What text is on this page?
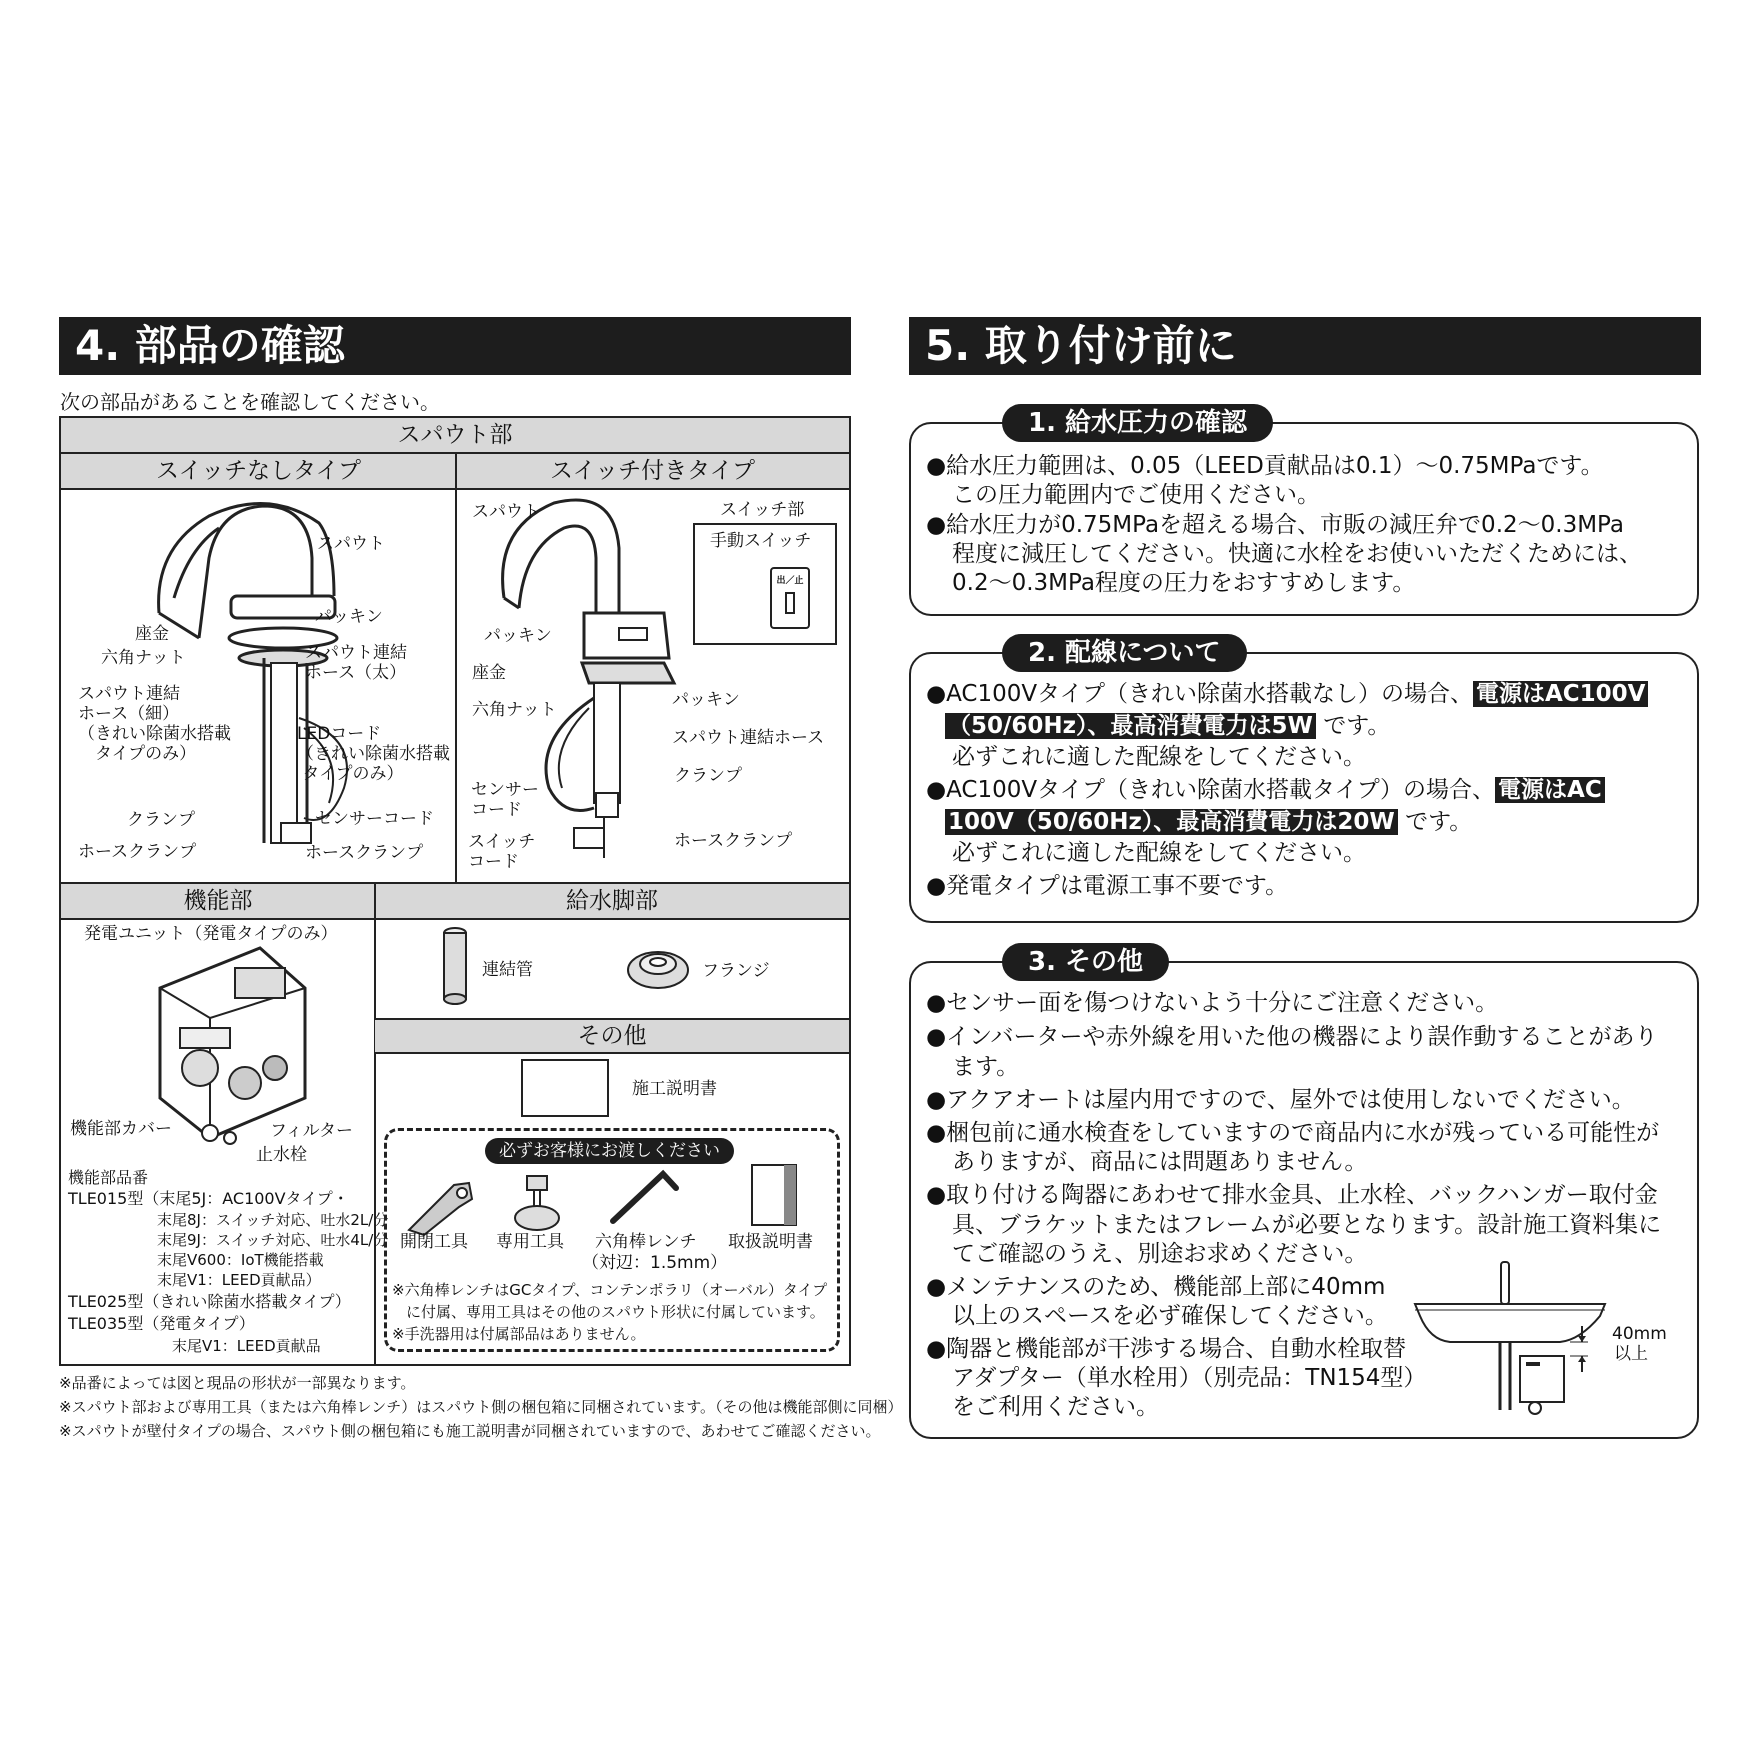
4. 部品の確認
次の部品があることを確認してください。
スパウト部
スイッチなしタイプ	スイッチ付きタイプ
スパウト
パッキン
座金
六角ナット	スパウト連結
ホース（太）
スパウト連結
ホース（細）
（きれい除菌水搭載
　タイプのみ）
LEDコード
（きれい除菌水搭載
タイプのみ）
クランプ	センサーコード
ホースクランプ	ホースクランプ
手動スイッチ
出／止
スパウト	スイッチ部
パッキン
座金
六角ナット	パッキン
スパウト連結ホース
クランプ
センサー
コード
スイッチ
コード
ホースクランプ
機能部	給水脚部
その他
発電ユニット（発電タイプのみ）
機能部カバー	フィルター
止水栓
機能部品番
TLE015型（末尾5J：AC100Vタイプ・
末尾8J：スイッチ対応、吐水2L/分
末尾9J：スイッチ対応、吐水4L/分
末尾V600：IoT機能搭載
末尾V1：LEED貢献品）
TLE025型（きれい除菌水搭載タイプ）
TLE035型（発電タイプ）
末尾V1：LEED貢献品
連結管	フランジ
施工説明書
必ずお客様にお渡しください
開閉工具 専用工具 六角棒レンチ
（対辺：1.5mm）
取扱説明書
※六角棒レンチはGCタイプ、コンテンポラリ（オーバル）タイプ
に付属、専用工具はその他のスパウト形状に付属しています。
※手洗器用は付属部品はありません。
※品番によっては図と現品の形状が一部異なります。
※スパウト部および専用工具（または六角棒レンチ）はスパウト側の梱包箱に同梱されています。（その他は機能部側に同梱）
※スパウトが壁付タイプの場合、スパウト側の梱包箱にも施工説明書が同梱されていますので、あわせてご確認ください。
5. 取り付け前に
1. 給水圧力の確認
●給水圧力範囲は、0.05（LEED貢献品は0.1）～0.75MPaです。
この圧力範囲内でご使用ください。
●給水圧力が0.75MPaを超える場合、市販の減圧弁で0.2～0.3MPa
程度に減圧してください。快適に水栓をお使いいただくためには、
0.2～0.3MPa程度の圧力をおすすめします。
2. 配線について
●AC100Vタイプ（きれい除菌水搭載なし）の場合、 電源はAC100V
（50/60Hz）、最高消費電力は5W です。
必ずこれに適した配線をしてください。
●AC100Vタイプ（きれい除菌水搭載タイプ）の場合、 電源はAC
100V（50/60Hz）、最高消費電力は20W です。
必ずこれに適した配線をしてください。
●発電タイプは電源工事不要です。
3. その他
●センサー面を傷つけないよう十分にご注意ください。
●インバーターや赤外線を用いた他の機器により誤作動することがあり
ます。
●アクアオートは屋内用ですので、屋外では使用しないでください。
●梱包前に通水検査をしていますので商品内に水が残っている可能性が
ありますが、商品には問題ありません。
●取り付ける陶器にあわせて排水金具、止水栓、バックハンガー取付金
具、ブラケットまたはフレームが必要となります。設計施工資料集に
てご確認のうえ、別途お求めください。
●メンテナンスのため、機能部上部に40mm
以上のスペースを必ず確保してください。
●陶器と機能部が干渉する場合、自動水栓取替
アダプター（単水栓用）（別売品：TN154型）
をご利用ください。
40mm
以上
